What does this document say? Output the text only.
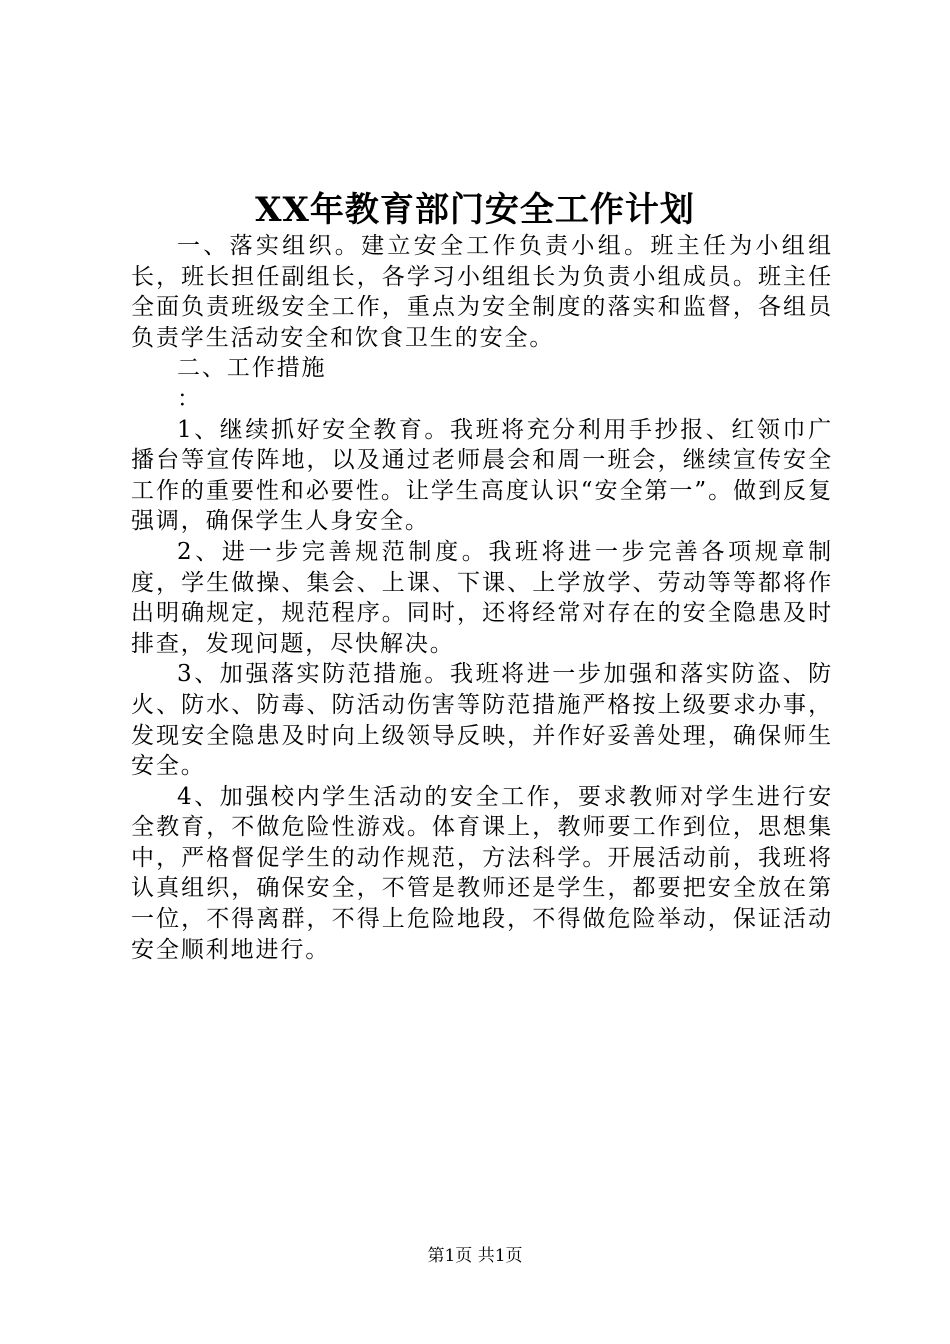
XX年教育部门安全工作计划

一、落实组织。建立安全工作负责小组。班主任为小组组长，班长担任副组长，各学习小组组长为负责小组成员。班主任全面负责班级安全工作，重点为安全制度的落实和监督，各组员负责学生活动安全和饮食卫生的安全。

二、工作措施

：

1、继续抓好安全教育。我班将充分利用手抄报、红领巾广播台等宣传阵地，以及通过老师晨会和周一班会，继续宣传安全工作的重要性和必要性。让学生高度认识“安全第一”。做到反复强调，确保学生人身安全。

2、进一步完善规范制度。我班将进一步完善各项规章制度，学生做操、集会、上课、下课、上学放学、劳动等等都将作出明确规定，规范程序。同时，还将经常对存在的安全隐患及时排查，发现问题，尽快解决。

3、加强落实防范措施。我班将进一步加强和落实防盗、防火、防水、防毒、防活动伤害等防范措施严格按上级要求办事，发现安全隐患及时向上级领导反映，并作好妥善处理，确保师生安全。

4、加强校内学生活动的安全工作，要求教师对学生进行安全教育，不做危险性游戏。体育课上，教师要工作到位，思想集中，严格督促学生的动作规范，方法科学。开展活动前，我班将认真组织，确保安全，不管是教师还是学生，都要把安全放在第一位，不得离群，不得上危险地段，不得做危险举动，保证活动安全顺利地进行。

第1页 共1页
